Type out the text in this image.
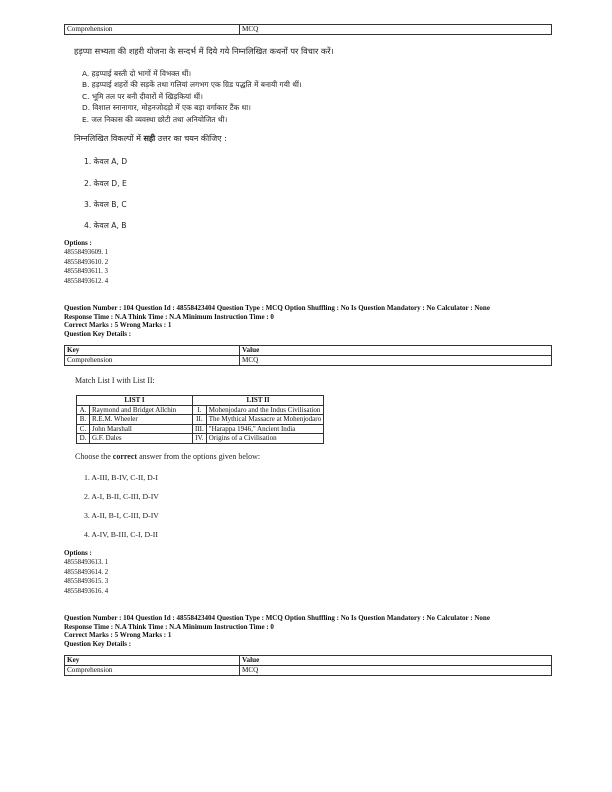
Comprehension	MCQ
हड़प्पा सभ्यता की शहरी योजना के सन्दर्भ में दिये गये निम्नलिखित कथनों पर विचार करें।
A. हड़प्पाई बस्ती दो भागों में विभक्त थीं।
B. हड़प्पाई शहरों की सड़कें तथा गलियां लगभग एक ग्रिड पद्धति में बनायी गयी थीं।
C. भूमि तल पर बनी दीवारों में खिड़कियां थीं।
D. विशाल स्नानागार, मोहनजोदड़ो में एक बड़ा वर्गाकार टैंक था।
E. जल निकास की व्यवस्था छोटी तथा अनियोजित थी।
निम्नलिखित विकल्पों में सही उत्तर का चयन कीजिए :
1. केवल A, D
2. केवल D, E
3. केवल B, C
4. केवल A, B
Options :
48558493609. 1
48558493610. 2
48558493611. 3
48558493612. 4
Question Number : 104 Question Id : 48558423404 Question Type : MCQ Option Shuffling : No Is Question Mandatory : No Calculator : None
Response Time : N.A Think Time : N.A Minimum Instruction Time : 0
Correct Marks : 5 Wrong Marks : 1
Question Key Details :
Key	Value
Comprehension	MCQ
Match List I with List II:
LIST I		LIST II	
A.	Raymond and Bridget Allchin	I.	Mohenjodaro and the Indus Civilisation
B.	R.E.M. Wheeler	II.	The Mythical Massacre at Mohenjodaro
C.	John Marshall	III.	"Harappa 1946," Ancient India
D.	G.F. Dales	IV.	Origins of a Civilisation
Choose the correct answer from the options given below:
1. A-III, B-IV, C-II, D-I
2. A-I, B-II, C-III, D-IV
3. A-II, B-I, C-III, D-IV
4. A-IV, B-III, C-I, D-II
Options :
48558493613. 1
48558493614. 2
48558493615. 3
48558493616. 4
Question Number : 104 Question Id : 48558423404 Question Type : MCQ Option Shuffling : No Is Question Mandatory : No Calculator : None
Response Time : N.A Think Time : N.A Minimum Instruction Time : 0
Correct Marks : 5 Wrong Marks : 1
Question Key Details :
Key	Value
Comprehension	MCQ
